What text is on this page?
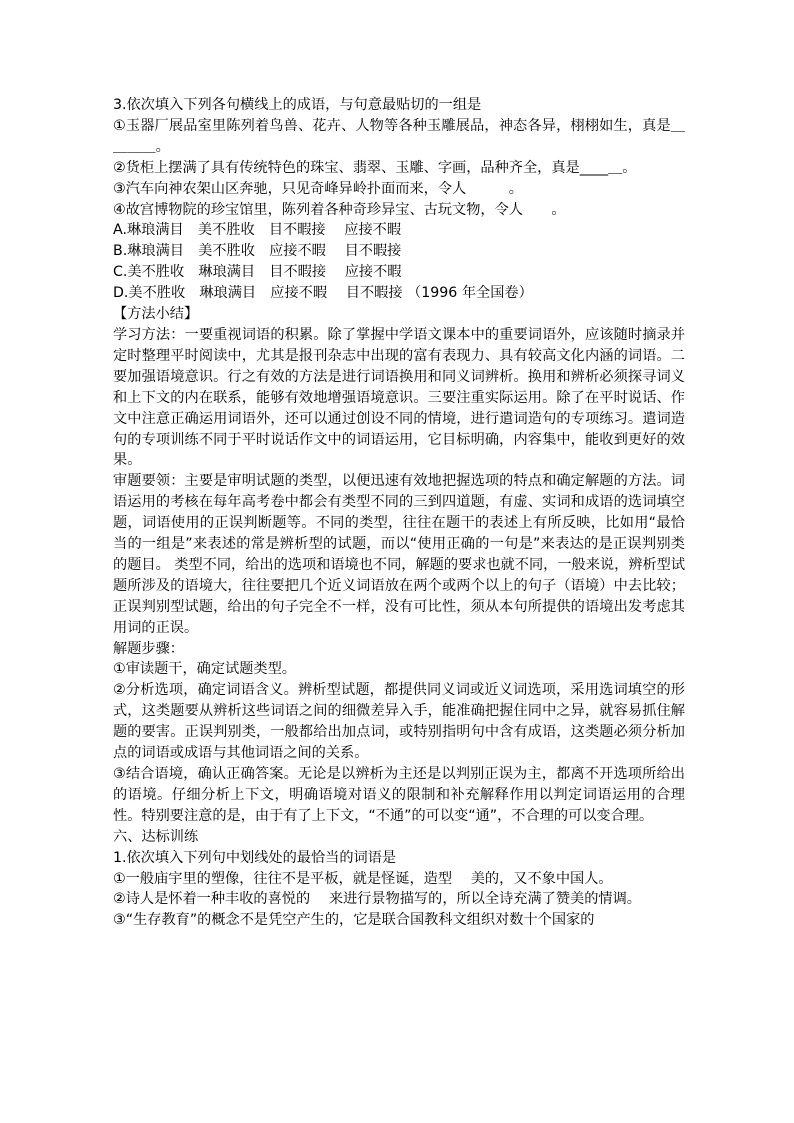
3.依次填入下列各句横线上的成语，与句意最贴切的一组是

①玉器厂展品室里陈列着鸟兽、花卉、人物等各种玉雕展品，神态各异，栩栩如生，真是＿＿＿＿。

②货柜上摆满了具有传统特色的珠宝、翡翠、玉雕、字画，品种齐全，真是____＿。

③汽车向神农架山区奔驰，只见奇峰异岭扑面而来，令人　　　。

④故宫博物院的珍宝馆里，陈列着各种奇珍异宝、古玩文物，令人　　。

A.琳琅满目　美不胜收　目不暇接　 应接不暇

B.琳琅满目　美不胜收　应接不暇　 目不暇接

C.美不胜收　琳琅满目　目不暇接　 应接不暇

D.美不胜收　琳琅满目　应接不暇　 目不暇接 （1996 年全国卷）

【方法小结】

学习方法：一要重视词语的积累。除了掌握中学语文课本中的重要词语外，应该随时摘录并定时整理平时阅读中，尤其是报刊杂志中出现的富有表现力、具有较高文化内涵的词语。二要加强语境意识。行之有效的方法是进行词语换用和同义词辨析。换用和辨析必须探寻词义和上下文的内在联系，能够有效地增强语境意识。三要注重实际运用。除了在平时说话、作文中注意正确运用词语外，还可以通过创设不同的情境，进行遣词造句的专项练习。遣词造句的专项训练不同于平时说话作文中的词语运用，它目标明确，内容集中，能收到更好的效果。

审题要领：主要是审明试题的类型，以便迅速有效地把握选项的特点和确定解题的方法。词语运用的考核在每年高考卷中都会有类型不同的三到四道题，有虚、实词和成语的选词填空题，词语使用的正误判断题等。不同的类型，往往在题干的表述上有所反映，比如用“最恰当的一组是”来表述的常是辨析型的试题，而以“使用正确的一句是”来表达的是正误判别类的题目。 类型不同，给出的选项和语境也不同，解题的要求也就不同，一般来说，辨析型试题所涉及的语境大，往往要把几个近义词语放在两个或两个以上的句子（语境）中去比较；正误判别型试题，给出的句子完全不一样，没有可比性，须从本句所提供的语境出发考虑其用词的正误。

解题步骤：

①审读题干，确定试题类型。

②分析选项，确定词语含义。辨析型试题，都提供同义词或近义词选项，采用选词填空的形式，这类题要从辨析这些词语之间的细微差异入手，能准确把握住同中之异，就容易抓住解题的要害。正误判别类，一般都给出加点词，或特别指明句中含有成语，这类题必须分析加点的词语或成语与其他词语之间的关系。

③结合语境，确认正确答案。无论是以辨析为主还是以判别正误为主，都离不开选项所给出的语境。仔细分析上下文，明确语境对语义的限制和补充解释作用以判定词语运用的合理性。特别要注意的是，由于有了上下文，“不通”的可以变“通”，不合理的可以变合理。

六、达标训练

1.依次填入下列句中划线处的最恰当的词语是

①一般庙宇里的塑像，往往不是平板，就是怪诞，造型　 美的，又不象中国人。

②诗人是怀着一种丰收的喜悦的　 来进行景物描写的，所以全诗充满了赞美的情调。

③“生存教育”的概念不是凭空产生的，它是联合国教科文组织对数十个国家的
